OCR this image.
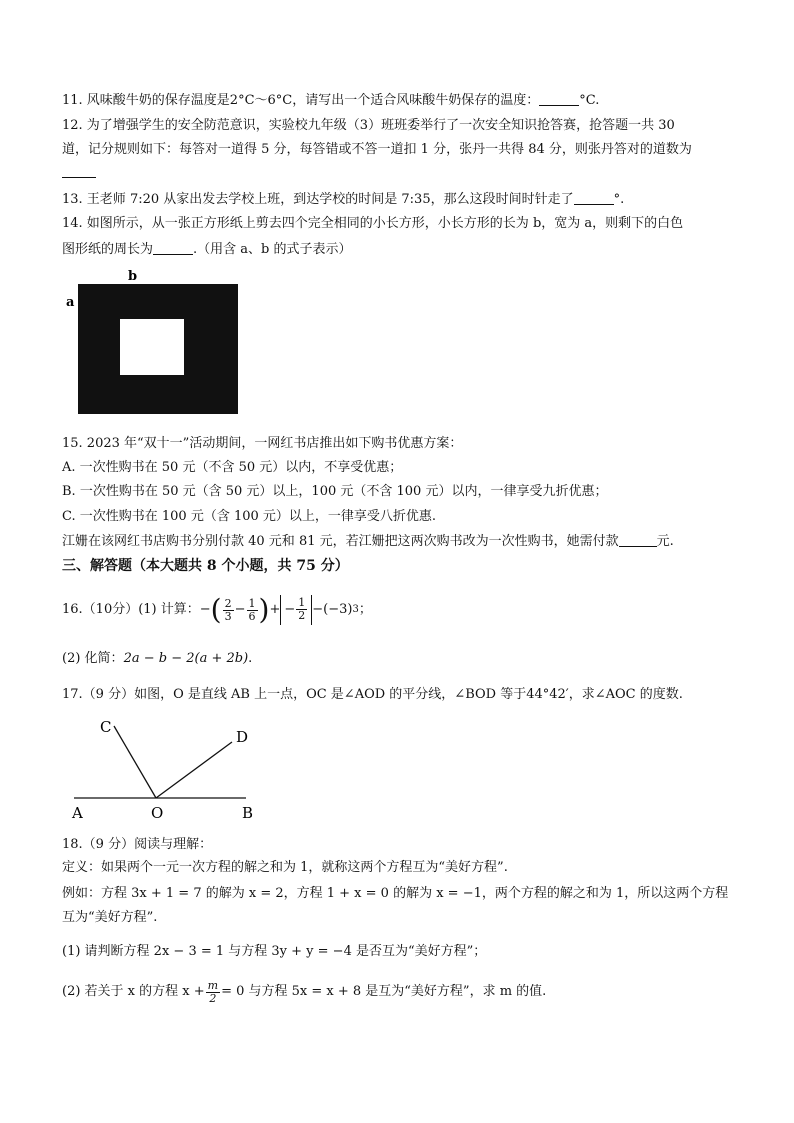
11. 风味酸牛奶的保存温度是2°C～6°C，请写出一个适合风味酸牛奶保存的温度：	°C.
12. 为了增强学生的安全防范意识，实验校九年级（3）班班委举行了一次安全知识抢答赛，抢答题一共 30
道，记分规则如下：每答对一道得 5 分，每答错或不答一道扣 1 分，张丹一共得 84 分，则张丹答对的道数为
13. 王老师 7:20 从家出发去学校上班，到达学校的时间是 7:35，那么这段时间时针走了	°.
14. 如图所示，从一张正方形纸上剪去四个完全相同的小长方形，小长方形的长为 b，宽为 a，则剩下的白色
图形纸的周长为	.（用含 a、b 的式子表示）
b
a
15. 2023 年“双十一”活动期间，一网红书店推出如下购书优惠方案：
A. 一次性购书在 50 元（不含 50 元）以内，不享受优惠；
B. 一次性购书在 50 元（含 50 元）以上，100 元（不含 100 元）以内，一律享受九折优惠；
C. 一次性购书在 100 元（含 100 元）以上，一律享受八折优惠.
江姗在该网红书店购书分别付款 40 元和 81 元，若江姗把这两次购书改为一次性购书，她需付款	元.
三、解答题（本大题共 8 个小题，共 75 分）
16.（10分）(1) 计算： − ( $\frac{2}{3} - \frac{1}{6}$ ) + − $\frac{1}{2} -(-3)$ 3 ；
(2) 化简：2a − b − 2(a + 2b).
17.（9 分）如图，O 是直线 AB 上一点，OC 是∠AOD 的平分线，∠BOD 等于44°42′，求∠AOC 的度数.
C
D
A	O	B
18.（9 分）阅读与理解：
定义：如果两个一元一次方程的解之和为 1，就称这两个方程互为“美好方程”.
例如：方程 3x + 1 = 7 的解为 x = 2，方程 1 + x = 0 的解为 x = −1，两个方程的解之和为 1，所以这两个方程
互为“美好方程”.
(1) 请判断方程 2x − 3 = 1 与方程 3y + y = −4 是否互为“美好方程”；
(2) 若关于 x 的方程 $x + \frac{m}{2} = 0$ 与方程 5x = x + 8 是互为“美好方程”，求 m 的值.
